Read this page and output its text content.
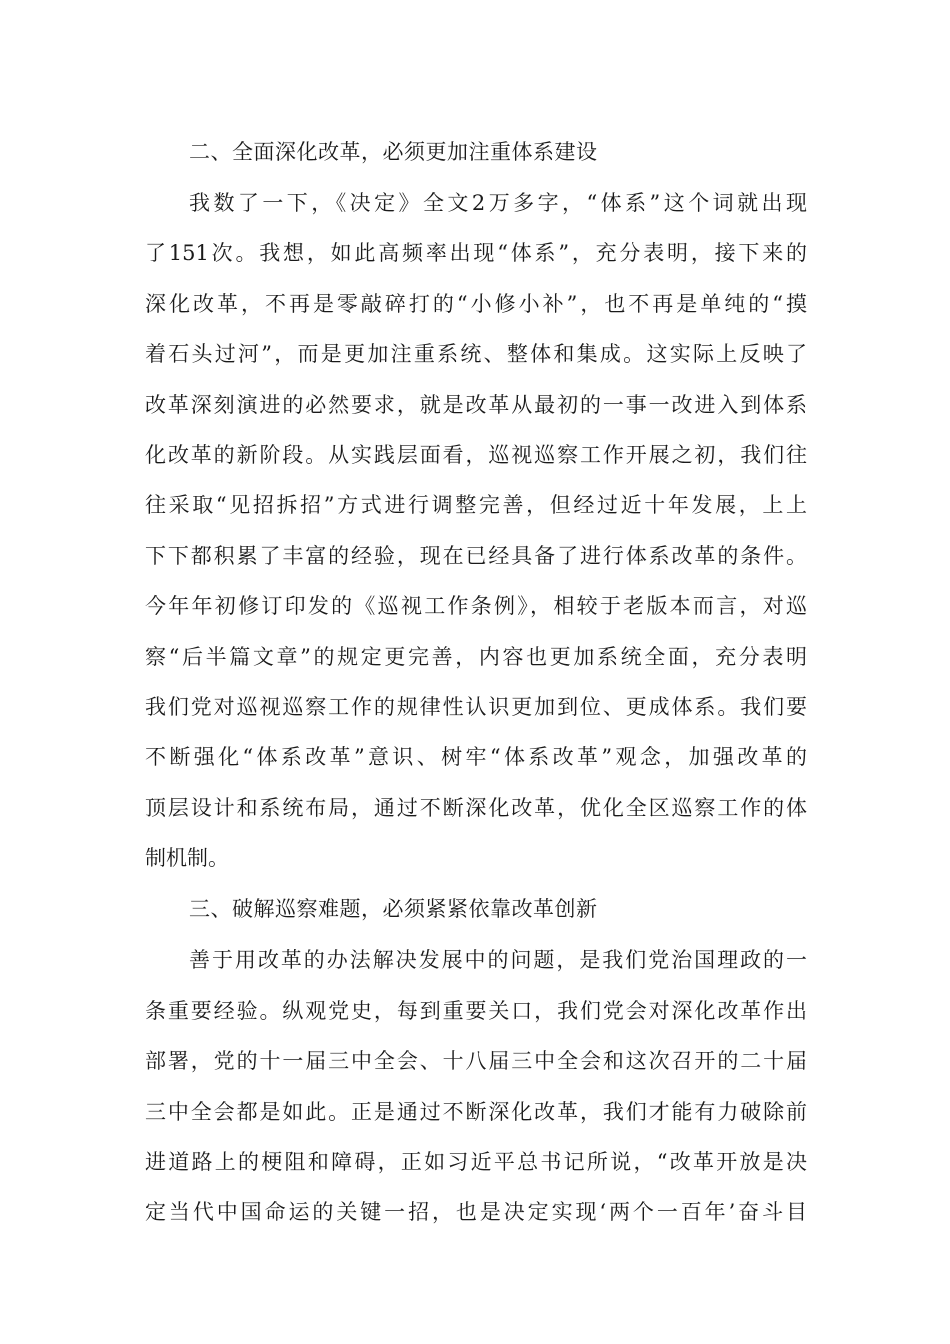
二、全面深化改革，必须更加注重体系建设
我数了一下，《决定》全文2万多字，“体系”这个词就出现
了151次。我想，如此高频率出现“体系”，充分表明，接下来的
深化改革，不再是零敲碎打的“小修小补”，也不再是单纯的“摸
着石头过河”，而是更加注重系统、整体和集成。这实际上反映了
改革深刻演进的必然要求，就是改革从最初的一事一改进入到体系
化改革的新阶段。从实践层面看，巡视巡察工作开展之初，我们往
往采取“见招拆招”方式进行调整完善，但经过近十年发展，上上
下下都积累了丰富的经验，现在已经具备了进行体系改革的条件。
今年年初修订印发的《巡视工作条例》，相较于老版本而言，对巡
察“后半篇文章”的规定更完善，内容也更加系统全面，充分表明
我们党对巡视巡察工作的规律性认识更加到位、更成体系。我们要
不断强化“体系改革”意识、树牢“体系改革”观念，加强改革的
顶层设计和系统布局，通过不断深化改革，优化全区巡察工作的体
制机制。
三、破解巡察难题，必须紧紧依靠改革创新
善于用改革的办法解决发展中的问题，是我们党治国理政的一
条重要经验。纵观党史，每到重要关口，我们党会对深化改革作出
部署，党的十一届三中全会、十八届三中全会和这次召开的二十届
三中全会都是如此。正是通过不断深化改革，我们才能有力破除前
进道路上的梗阻和障碍，正如习近平总书记所说，“改革开放是决
定当代中国命运的关键一招，也是决定实现‘两个一百年’奋斗目
